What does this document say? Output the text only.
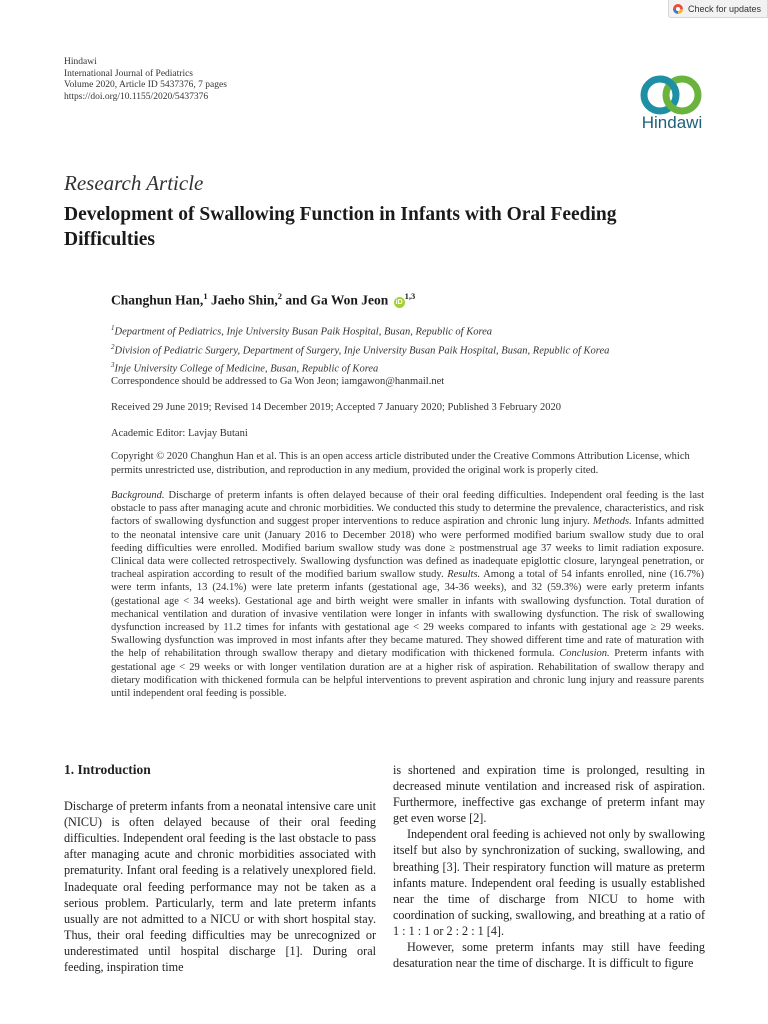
Check for updates
Hindawi
International Journal of Pediatrics
Volume 2020, Article ID 5437376, 7 pages
https://doi.org/10.1155/2020/5437376
Hindawi
Research Article
Development of Swallowing Function in Infants with Oral Feeding Difficulties
Changhun Han,$^1$ Jaeho Shin,$^2$ and Ga Won Jeon iD$^{1,3}$
$^1$Department of Pediatrics, Inje University Busan Paik Hospital, Busan, Republic of Korea
$^2$Division of Pediatric Surgery, Department of Surgery, Inje University Busan Paik Hospital, Busan, Republic of Korea
$^3$Inje University College of Medicine, Busan, Republic of Korea
Correspondence should be addressed to Ga Won Jeon; iamgawon@hanmail.net
Received 29 June 2019; Revised 14 December 2019; Accepted 7 January 2020; Published 3 February 2020
Academic Editor: Lavjay Butani
Copyright © 2020 Changhun Han et al. This is an open access article distributed under the Creative Commons Attribution License, which permits unrestricted use, distribution, and reproduction in any medium, provided the original work is properly cited.
Background. Discharge of preterm infants is often delayed because of their oral feeding difficulties. Independent oral feeding is the last obstacle to pass after managing acute and chronic morbidities. We conducted this study to determine the prevalence, characteristics, and risk factors of swallowing dysfunction and suggest proper interventions to reduce aspiration and chronic lung injury. Methods. Infants admitted to the neonatal intensive care unit (January 2016 to December 2018) who were performed modified barium swallow study due to oral feeding difficulties were enrolled. Modified barium swallow study was done ≥ postmenstrual age 37 weeks to limit radiation exposure. Clinical data were collected retrospectively. Swallowing dysfunction was defined as inadequate epiglottic closure, laryngeal penetration, or tracheal aspiration according to result of the modified barium swallow study. Results. Among a total of 54 infants enrolled, nine (16.7%) were term infants, 13 (24.1%) were late preterm infants (gestational age, 34-36 weeks), and 32 (59.3%) were early preterm infants (gestational age < 34 weeks). Gestational age and birth weight were smaller in infants with swallowing dysfunction. Total duration of mechanical ventilation and duration of invasive ventilation were longer in infants with swallowing dysfunction. The risk of swallowing dysfunction increased by 11.2 times for infants with gestational age < 29 weeks compared to infants with gestational age ≥ 29 weeks. Swallowing dysfunction was improved in most infants after they became matured. They showed different time and rate of maturation with the help of rehabilitation through swallow therapy and dietary modification with thickened formula. Conclusion. Preterm infants with gestational age < 29 weeks or with longer ventilation duration are at a higher risk of aspiration. Rehabilitation of swallow therapy and dietary modification with thickened formula can be helpful interventions to prevent aspiration and chronic lung injury and reassure parents until independent oral feeding is possible.
1. Introduction

Discharge of preterm infants from a neonatal intensive care unit (NICU) is often delayed because of their oral feeding difficulties. Independent oral feeding is the last obstacle to pass after managing acute and chronic morbidities associated with prematurity. Infant oral feeding is a relatively unexplored field. Inadequate oral feeding performance may not be taken as a serious problem. Particularly, term and late preterm infants usually are not admitted to a NICU or with short hospital stay. Thus, their oral feeding difficulties may be unrecognized or underestimated until hospital discharge [1]. During oral feeding, inspiration time

is shortened and expiration time is prolonged, resulting in decreased minute ventilation and increased risk of aspiration. Furthermore, ineffective gas exchange of preterm infant may get even worse [2].

Independent oral feeding is achieved not only by swallowing itself but also by synchronization of sucking, swallowing, and breathing [3]. Their respiratory function will mature as preterm infants mature. Independent oral feeding is usually established near the time of discharge from NICU to home with coordination of sucking, swallowing, and breathing at a ratio of 1 : 1 : 1 or 2 : 2 : 1 [4].

However, some preterm infants may still have feeding desaturation near the time of discharge. It is difficult to figure
